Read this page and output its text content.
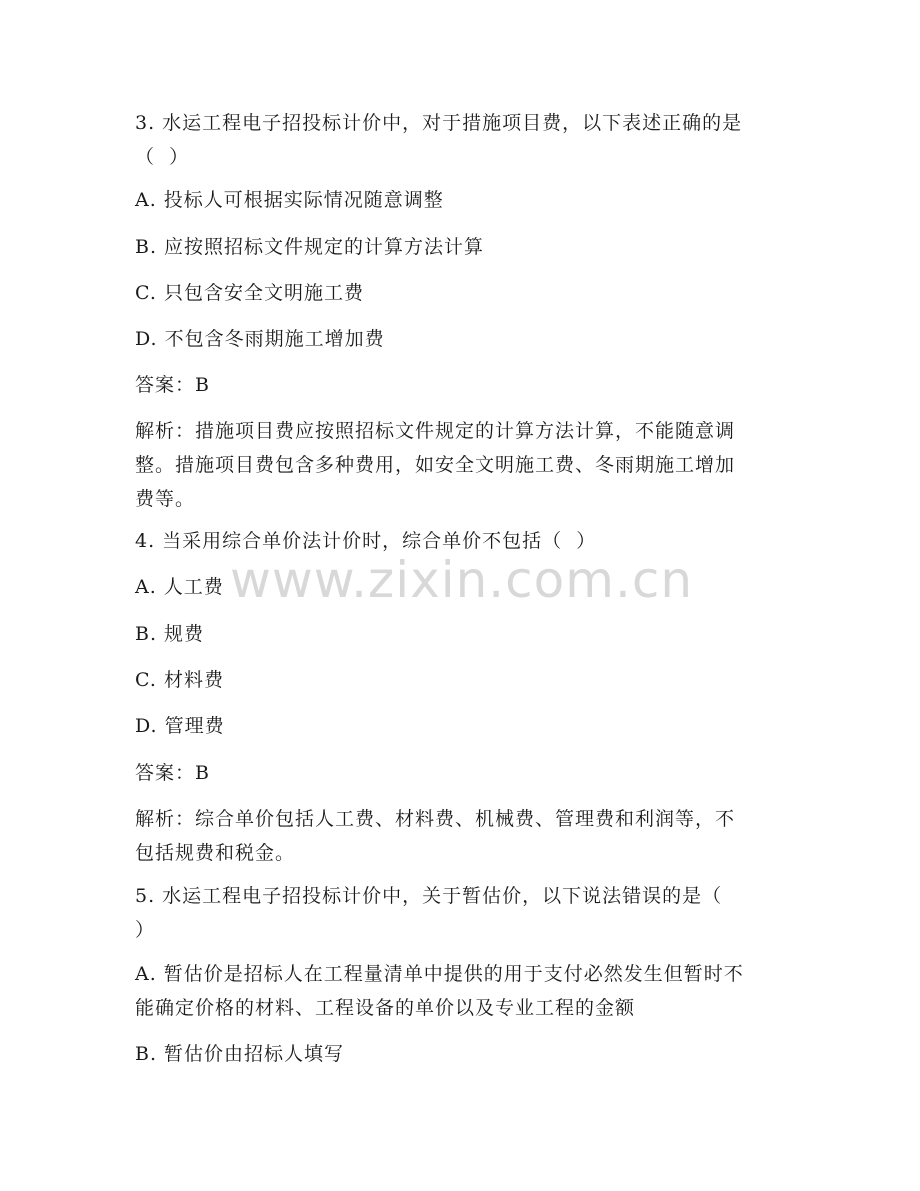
3. 水运工程电子招投标计价中，对于措施项目费，以下表述正确的是
（  ）
A. 投标人可根据实际情况随意调整
B. 应按照招标文件规定的计算方法计算
C. 只包含安全文明施工费
D. 不包含冬雨期施工增加费
答案：B
解析：措施项目费应按照招标文件规定的计算方法计算，不能随意调
整。措施项目费包含多种费用，如安全文明施工费、冬雨期施工增加
费等。
4. 当采用综合单价法计价时，综合单价不包括（  ）
A. 人工费
B. 规费
C. 材料费
D. 管理费
答案：B
解析：综合单价包括人工费、材料费、机械费、管理费和利润等，不
包括规费和税金。
5. 水运工程电子招投标计价中，关于暂估价，以下说法错误的是（
）
A. 暂估价是招标人在工程量清单中提供的用于支付必然发生但暂时不
能确定价格的材料、工程设备的单价以及专业工程的金额
B. 暂估价由招标人填写
www.zixin.com.cn
